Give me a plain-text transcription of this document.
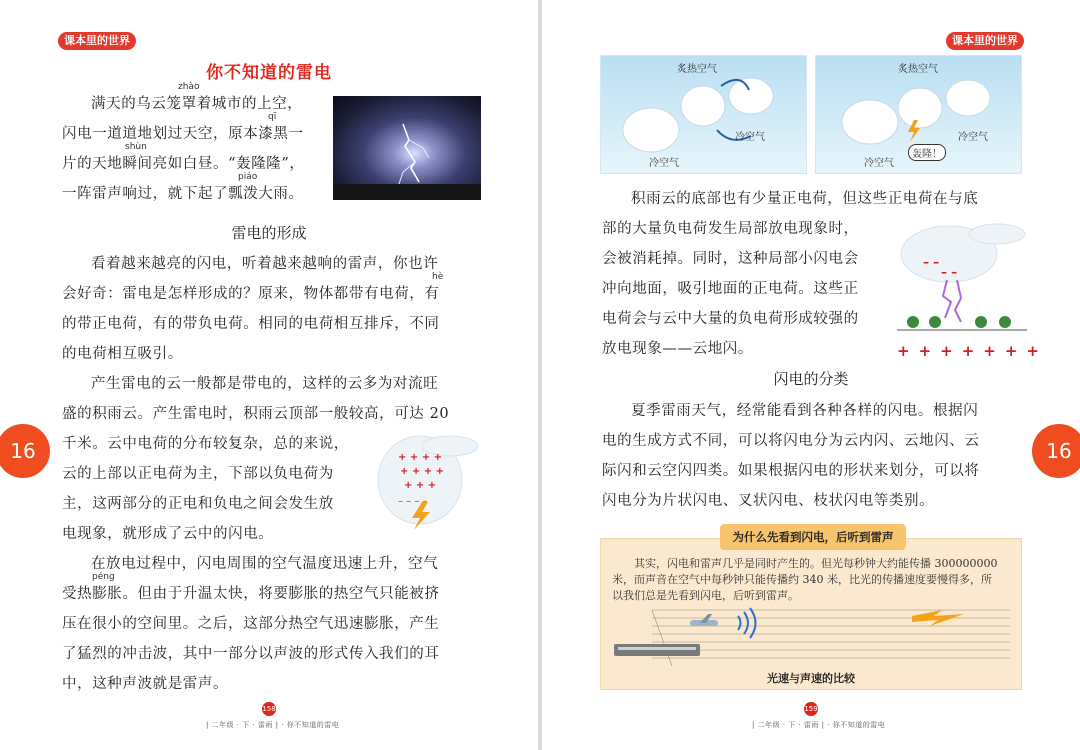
课本里的世界
16
你不知道的雷电
zhào
qī
shùn
piáo
满天的乌云笼罩着城市的上空，
闪电一道道地划过天空，原本漆黑一
片的天地瞬间亮如白昼。“轰隆隆”，
一阵雷声响过，就下起了瓢泼大雨。
雷电的形成
hè
看着越来越亮的闪电，听着越来越响的雷声，你也许
会好奇：雷电是怎样形成的？原来，物体都带有电荷，有
的带正电荷，有的带负电荷。相同的电荷相互排斥，不同
的电荷相互吸引。
产生雷电的云一般都是带电的，这样的云多为对流旺
盛的积雨云。产生雷电时，积雨云顶部一般较高，可达 20
千米。云中电荷的分布较复杂，总的来说，
云的上部以正电荷为主，下部以负电荷为
主，这两部分的正电和负电之间会发生放
电现象，就形成了云中的闪电。
+ + + +
+ + + +
+ + +
– – – –
péng
在放电过程中，闪电周围的空气温度迅速上升，空气
受热膨胀。但由于升温太快，将要膨胀的热空气只能被挤
压在很小的空间里。之后，这部分热空气迅速膨胀，产生
了猛烈的冲击波，其中一部分以声波的形式传入我们的耳
中，这种声波就是雷声。
158
| 二年级 · 下 · 雷雨 | · 你不知道的雷电
课本里的世界
16
159
| 二年级 · 下 · 雷雨 | · 你不知道的雷电
炙热空气
冷空气
冷空气
炙热空气
冷空气
冷空气
轰隆！
积雨云的底部也有少量正电荷，但这些正电荷在与底
部的大量负电荷发生局部放电现象时，
会被消耗掉。同时，这种局部小闪电会
冲向地面，吸引地面的正电荷。这些正
电荷会与云中大量的负电荷形成较强的
放电现象——云地闪。
– –
– –
+++++++
闪电的分类
夏季雷雨天气，经常能看到各种各样的闪电。根据闪
电的生成方式不同，可以将闪电分为云内闪、云地闪、云
际闪和云空闪四类。如果根据闪电的形状来划分，可以将
闪电分为片状闪电、叉状闪电、枝状闪电等类别。
为什么先看到闪电，后听到雷声
其实，闪电和雷声几乎是同时产生的。但光每秒钟大约能传播 300000000
米，而声音在空气中每秒钟只能传播约 340 米，比光的传播速度要慢得多，所
以我们总是先看到闪电，后听到雷声。
光速与声速的比较
